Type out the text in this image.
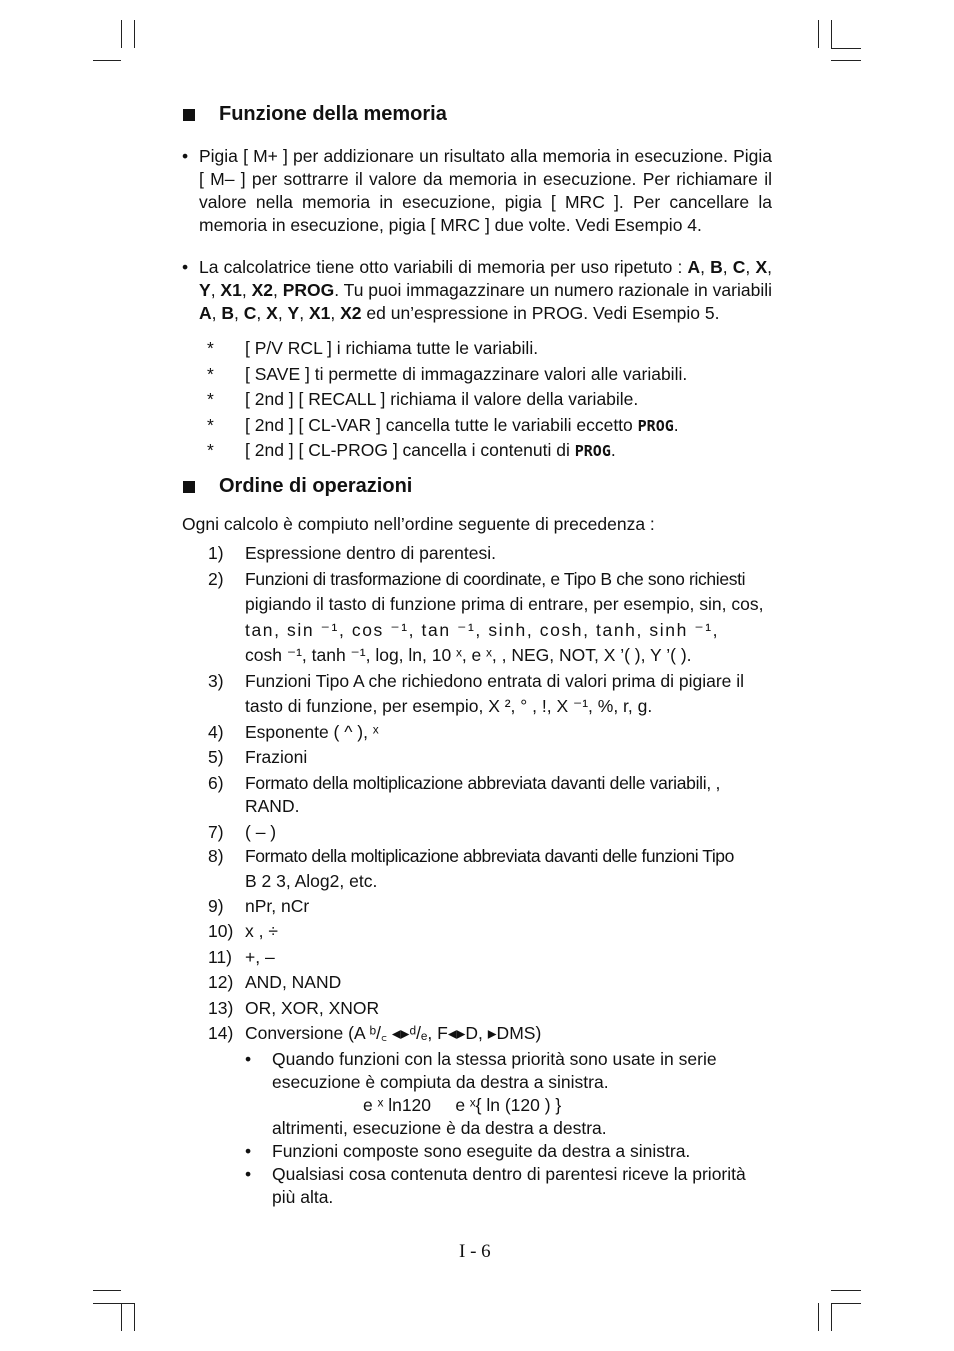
Funzione della memoria
• Pigia [ M+ ] per addizionare un risultato alla memoria in esecuzione. Pigia [ M– ] per sottrarre il valore da memoria in esecuzione. Per richiamare il valore nella memoria in esecuzione, pigia [ MRC ]. Per cancellare la memoria in esecuzione, pigia [ MRC ] due volte. Vedi Esempio 4.
• La calcolatrice tiene otto variabili di memoria per uso ripetuto : A, B, C, X, Y, X1, X2, PROG. Tu puoi immagazzinare un numero razionale in variabili A, B, C, X, Y, X1, X2 ed un’espressione in PROG. Vedi Esempio 5.
* [ P/V RCL ] i richiama tutte le variabili.
* [ SAVE ] ti permette di immagazzinare valori alle variabili.
* [ 2nd ] [ RECALL ] richiama il valore della variabile.
* [ 2nd ] [ CL-VAR ] cancella tutte le variabili eccetto PROG.
* [ 2nd ] [ CL-PROG ] cancella i contenuti di PROG.
Ordine di operazioni
Ogni calcolo è compiuto nell’ordine seguente di precedenza :
1) Espressione dentro di parentesi.
2) Funzioni di trasformazione di coordinate, e Tipo B che sono richiesti
pigiando il tasto di funzione prima di entrare, per esempio, sin, cos,
tan, sin ⁻¹, cos ⁻¹, tan ⁻¹, sinh, cosh, tanh, sinh ⁻¹,
cosh ⁻¹, tanh ⁻¹, log, ln, 10 ˣ, e ˣ, , NEG, NOT, X ’( ), Y ’( ).
3) Funzioni Tipo A che richiedono entrata di valori prima di pigiare il
tasto di funzione, per esempio, X ², ° , !, X ⁻¹, %, r, g.
4) Esponente ( ^ ), ˣ
5) Frazioni
6) Formato della moltiplicazione abbreviata davanti delle variabili, ,
RAND.
7) ( – )
8) Formato della moltiplicazione abbreviata davanti delle funzioni Tipo
B 2 3, Alog2, etc.
9) nPr, nCr
10) x , ÷
11) +, –
12) AND, NAND
13) OR, XOR, XNOR
14) Conversione (A ᵇ/꜀ ◂▸ᵈ/ₑ, F◂▸D, ▸DMS)
• Quando funzioni con la stessa priorità sono usate in serie
esecuzione è compiuta da destra a sinistra.
e ˣ ln120     e ˣ{ ln (120 ) }
altrimenti, esecuzione è da destra a destra.
• Funzioni composte sono eseguite da destra a sinistra.
• Qualsiasi cosa contenuta dentro di parentesi riceve la priorità
più alta.
I - 6
